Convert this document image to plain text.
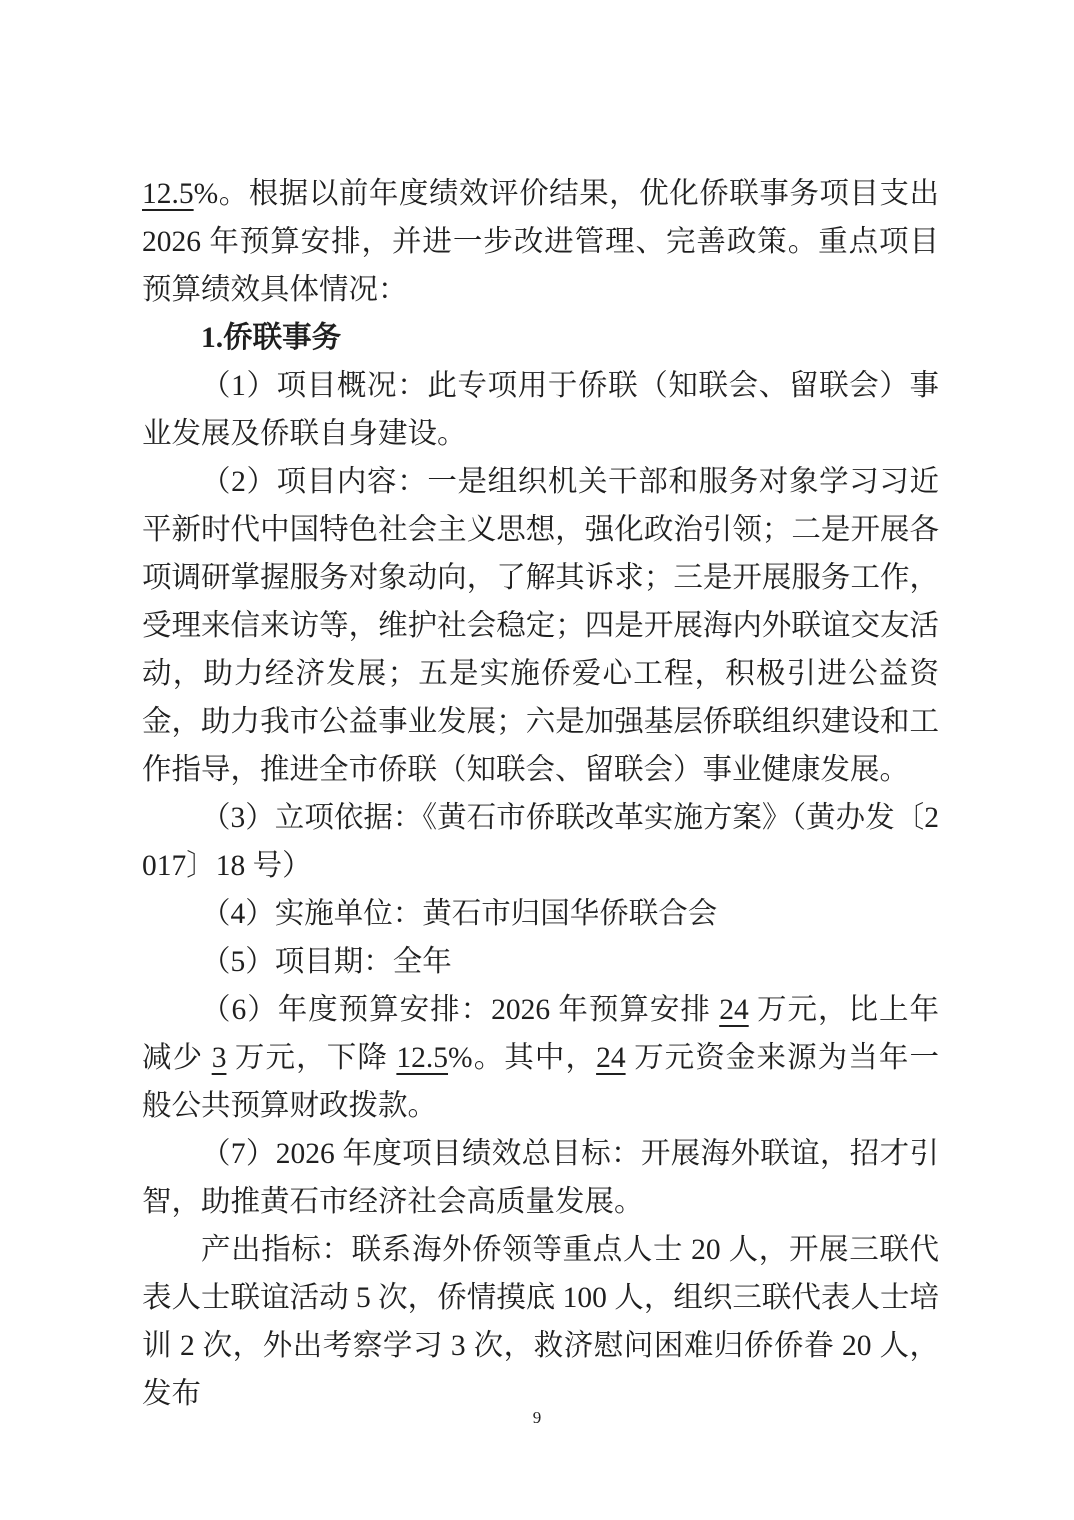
12.5%。根据以前年度绩效评价结果，优化侨联事务项目支出 2026 年预算安排，并进一步改进管理、完善政策。重点项目预算绩效具体情况：

1.侨联事务

（1）项目概况：此专项用于侨联（知联会、留联会）事业发展及侨联自身建设。

（2）项目内容：一是组织机关干部和服务对象学习习近平新时代中国特色社会主义思想，强化政治引领；二是开展各项调研掌握服务对象动向，了解其诉求；三是开展服务工作，受理来信来访等，维护社会稳定；四是开展海内外联谊交友活动，助力经济发展；五是实施侨爱心工程，积极引进公益资金，助力我市公益事业发展；六是加强基层侨联组织建设和工作指导，推进全市侨联（知联会、留联会）事业健康发展。

（3）立项依据：《黄石市侨联改革实施方案》（黄办发〔2017〕18 号）

（4）实施单位：黄石市归国华侨联合会

（5）项目期：全年

（6）年度预算安排：2026 年预算安排 24 万元，比上年减少 3 万元，下降 12.5%。其中，24 万元资金来源为当年一般公共预算财政拨款。

（7）2026 年度项目绩效总目标：开展海外联谊，招才引智，助推黄石市经济社会高质量发展。

产出指标：联系海外侨领等重点人士 20 人，开展三联代表人士联谊活动 5 次，侨情摸底 100 人，组织三联代表人士培训 2 次，外出考察学习 3 次，救济慰问困难归侨侨眷 20 人，发布

9
